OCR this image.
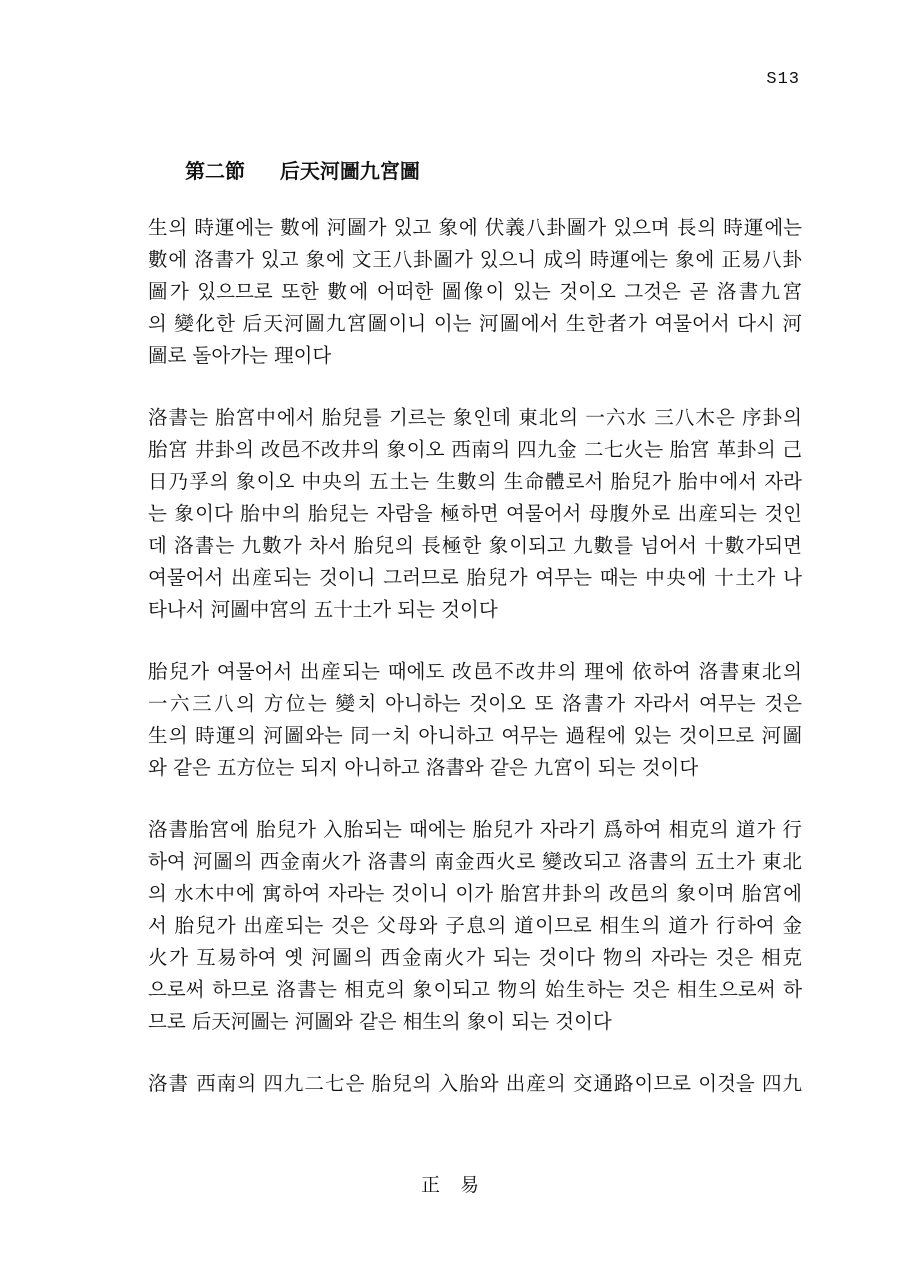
S13
第二節     后天河圖九宮圖

生의 時運에는 數에 河圖가 있고 象에 伏義八卦圖가 있으며 長의 時運에는
數에 洛書가 있고 象에 文王八卦圖가 있으니 成의 時運에는 象에 正易八卦
圖가 있으므로 또한 數에 어떠한 圖像이 있는 것이오 그것은 곧 洛書九宮
의 變化한 后天河圖九宮圖이니 이는 河圖에서 生한者가 여물어서 다시 河
圖로 돌아가는 理이다

洛書는 胎宮中에서 胎兒를 기르는 象인데 東北의 一六水 三八木은 序卦의
胎宮 井卦의 改邑不改井의 象이오 西南의 四九金 二七火는 胎宮 革卦의 己
日乃孚의 象이오 中央의 五土는 生數의 生命體로서 胎兒가 胎中에서 자라
는 象이다 胎中의 胎兒는 자람을 極하면 여물어서 母腹外로 出産되는 것인
데 洛書는 九數가 차서 胎兒의 長極한 象이되고 九數를 넘어서 十數가되면
여물어서 出産되는 것이니 그러므로 胎兒가 여무는 때는 中央에 十土가 나
타나서 河圖中宮의 五十土가 되는 것이다

胎兒가 여물어서 出産되는 때에도 改邑不改井의 理에 依하여 洛書東北의
一六三八의 方位는 變치 아니하는 것이오 또 洛書가 자라서 여무는 것은
生의 時運의 河圖와는 同一치 아니하고 여무는 過程에 있는 것이므로 河圖
와 같은 五方位는 되지 아니하고 洛書와 같은 九宮이 되는 것이다

洛書胎宮에 胎兒가 入胎되는 때에는 胎兒가 자라기 爲하여 相克의 道가 行
하여 河圖의 西金南火가 洛書의 南金西火로 變改되고 洛書의 五土가 東北
의 水木中에 寓하여 자라는 것이니 이가 胎宮井卦의 改邑의 象이며 胎宮에
서 胎兒가 出産되는 것은 父母와 子息의 道이므로 相生의 道가 行하여 金
火가 互易하여 옛 河圖의 西金南火가 되는 것이다 物의 자라는 것은 相克
으로써 하므로 洛書는 相克의 象이되고 物의 始生하는 것은 相生으로써 하
므로 后天河圖는 河圖와 같은 相生의 象이 되는 것이다

洛書 西南의 四九二七은 胎兒의 入胎와 出産의 交通路이므로 이것을 四九

正易
